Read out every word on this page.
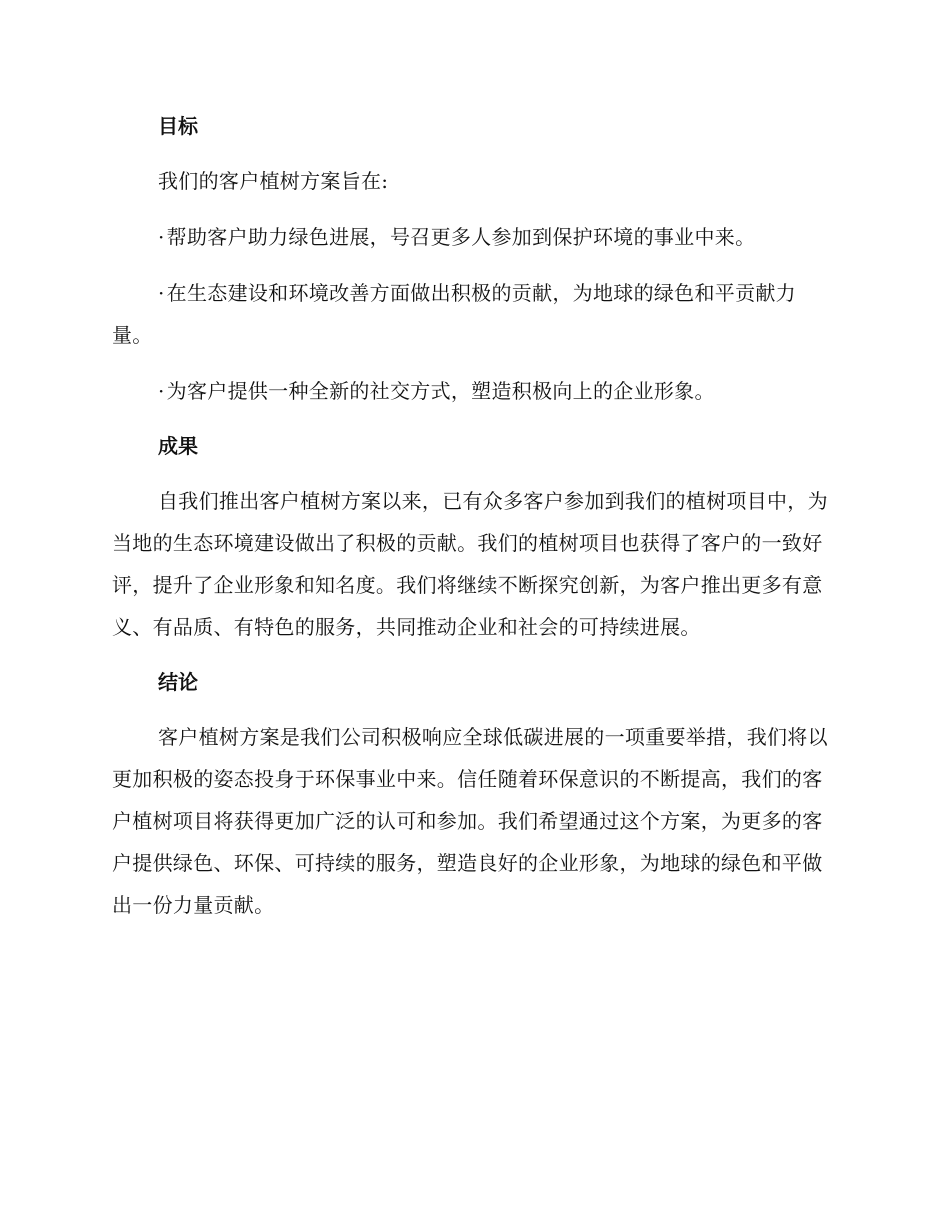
目标

我们的客户植树方案旨在:

· 帮助客户助力绿色进展，号召更多人参加到保护环境的事业中来。

· 在生态建设和环境改善方面做出积极的贡献，为地球的绿色和平贡献力量。

· 为客户提供一种全新的社交方式，塑造积极向上的企业形象。

成果

自我们推出客户植树方案以来，已有众多客户参加到我们的植树项目中，为当地的生态环境建设做出了积极的贡献。我们的植树项目也获得了客户的一致好评，提升了企业形象和知名度。我们将继续不断探究创新，为客户推出更多有意义、有品质、有特色的服务，共同推动企业和社会的可持续进展。

结论

客户植树方案是我们公司积极响应全球低碳进展的一项重要举措，我们将以更加积极的姿态投身于环保事业中来。信任随着环保意识的不断提高，我们的客户植树项目将获得更加广泛的认可和参加。我们希望通过这个方案，为更多的客户提供绿色、环保、可持续的服务，塑造良好的企业形象，为地球的绿色和平做出一份力量贡献。
